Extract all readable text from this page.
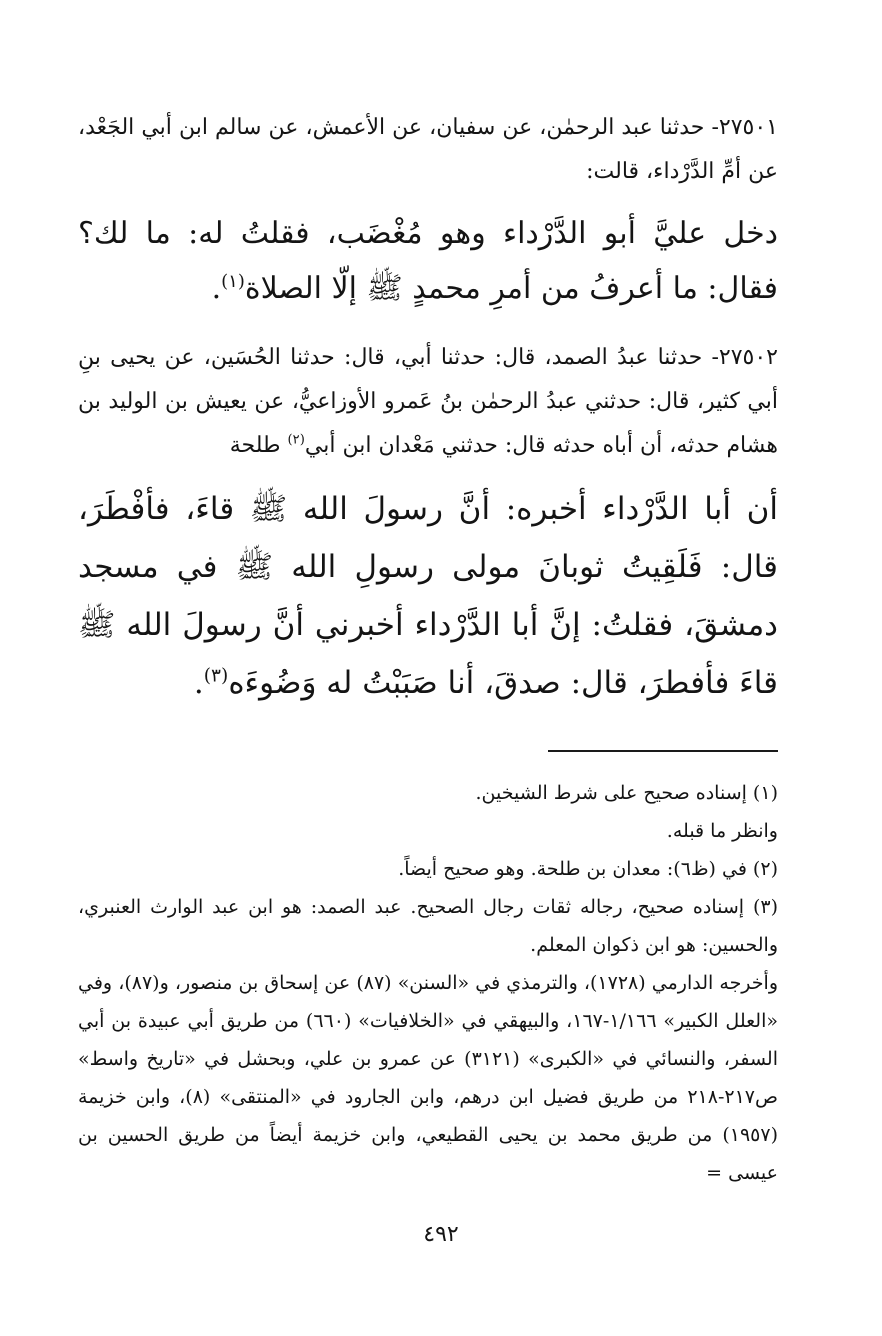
٢٧٥٠١- حدثنا عبد الرحمٰن، عن سفيان، عن الأعمش، عن سالم ابن أبي الجَعْد، عن أمِّ الدَّرْداء، قالت:

دخل عليَّ أبو الدَّرْداء وهو مُغْضَب، فقلتُ له: ما لك؟ فقال: ما أعرفُ من أمرِ محمدٍ ﷺ إلّا الصلاة$^{(١)}$.

٢٧٥٠٢- حدثنا عبدُ الصمد، قال: حدثنا أبي، قال: حدثنا الحُسَين، عن يحيى بنِ أبي كثير، قال: حدثني عبدُ الرحمٰن بنُ عَمرو الأوزاعيُّ، عن يعيش بن الوليد بن هشام حدثه، أن أباه حدثه قال: حدثني مَعْدان ابن أبي$^{(٢)}$ طلحة

أن أبا الدَّرْداء أخبره: أنَّ رسولَ الله ﷺ قاءَ، فأفْطَرَ، قال: فَلَقِيتُ ثوبانَ مولى رسولِ الله ﷺ في مسجد دمشقَ، فقلتُ: إنَّ أبا الدَّرْداء أخبرني أنَّ رسولَ الله ﷺ قاءَ فأفطرَ، قال: صدقَ، أنا صَبَبْتُ له وَضُوءَه$^{(٣)}$.

(١) إسناده صحيح على شرط الشيخين.

وانظر ما قبله.

(٢) في (ظ٦): معدان بن طلحة. وهو صحيح أيضاً.

(٣) إسناده صحيح، رجاله ثقات رجال الصحيح. عبد الصمد: هو ابن عبد الوارث العنبري، والحسين: هو ابن ذكوان المعلم.

وأخرجه الدارمي (١٧٢٨)، والترمذي في «السنن» (٨٧) عن إسحاق بن منصور، و(٨٧)، وفي «العلل الكبير» ١/١٦٦-١٦٧، والبيهقي في «الخلافيات» (٦٦٠) من طريق أبي عبيدة بن أبي السفر، والنسائي في «الكبرى» (٣١٢١) عن عمرو بن علي، وبحشل في «تاريخ واسط» ص٢١٧-٢١٨ من طريق فضيل ابن درهم، وابن الجارود في «المنتقى» (٨)، وابن خزيمة (١٩٥٧) من طريق محمد بن يحيى القطيعي، وابن خزيمة أيضاً من طريق الحسين بن عيسى =

٤٩٢
